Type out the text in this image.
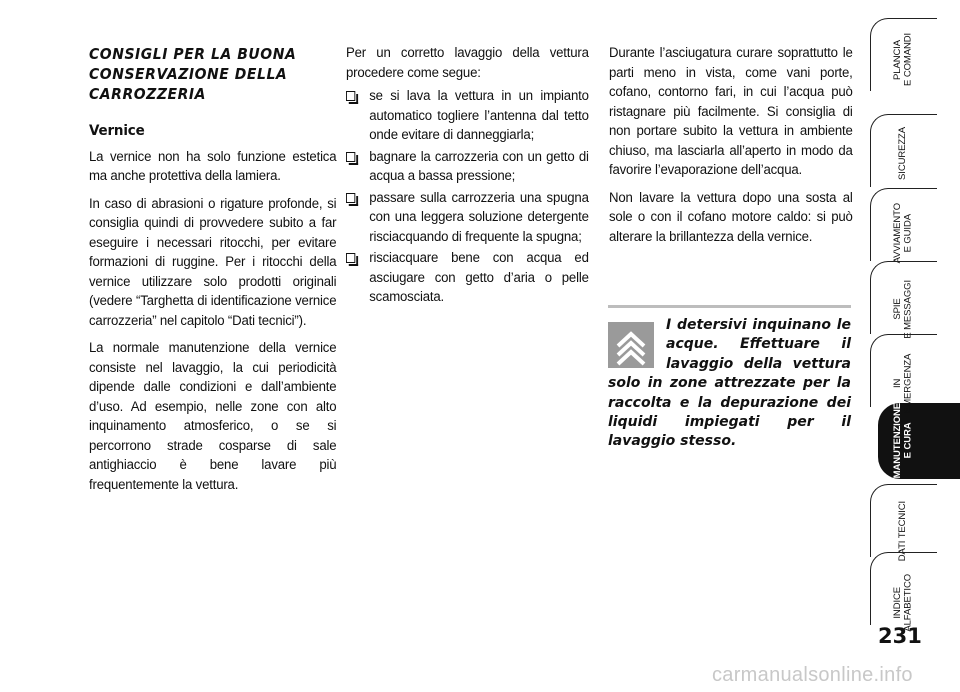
CONSIGLI PER LA BUONA CONSERVAZIONE DELLA CARROZZERIA
Vernice

La vernice non ha solo funzione estetica ma anche protettiva della lamiera.

In caso di abrasioni o rigature profonde, si consiglia quindi di provvedere subito a far eseguire i necessari ritocchi, per evitare formazioni di ruggine. Per i ritocchi della vernice utilizzare solo prodotti originali (vedere “Targhetta di identificazione vernice carrozzeria” nel capitolo “Dati tecnici”).

La normale manutenzione della vernice consiste nel lavaggio, la cui periodicità dipende dalle condizioni e dall’ambiente d’uso. Ad esempio, nelle zone con alto inquinamento atmosferico, o se si percorrono strade cosparse di sale antighiaccio è bene lavare più frequentemente la vettura.

Per un corretto lavaggio della vettura procedere come segue:

se si lava la vettura in un impianto automatico togliere l’antenna dal tetto onde evitare di danneggiarla;
bagnare la carrozzeria con un getto di acqua a bassa pressione;
passare sulla carrozzeria una spugna con una leggera soluzione detergente risciacquando di frequente la spugna;
risciacquare bene con acqua ed asciugare con getto d’aria o pelle scamosciata.

Durante l’asciugatura curare soprattutto le parti meno in vista, come vani porte, cofano, contorno fari, in cui l’acqua può ristagnare più facilmente. Si consiglia di non portare subito la vettura in ambiente chiuso, ma lasciarla all’aperto in modo da favorire l’evaporazione dell’acqua.

Non lavare la vettura dopo una sosta al sole o con il cofano motore caldo: si può alterare la brillantezza della vernice.

I detersivi inquinano le acque. Effettuare il lavaggio della vettura solo in zone attrezzate per la raccolta e la depurazione dei liquidi impiegati per il lavaggio stesso.
PLANCIA
E COMANDI
SICUREZZA
AVVIAMENTO
E GUIDA
SPIE
E MESSAGGI
IN EMERGENZA
MANUTENZIONE
E CURA
DATI TECNICI
INDICE
ALFABETICO
231
carmanualsonline.info
